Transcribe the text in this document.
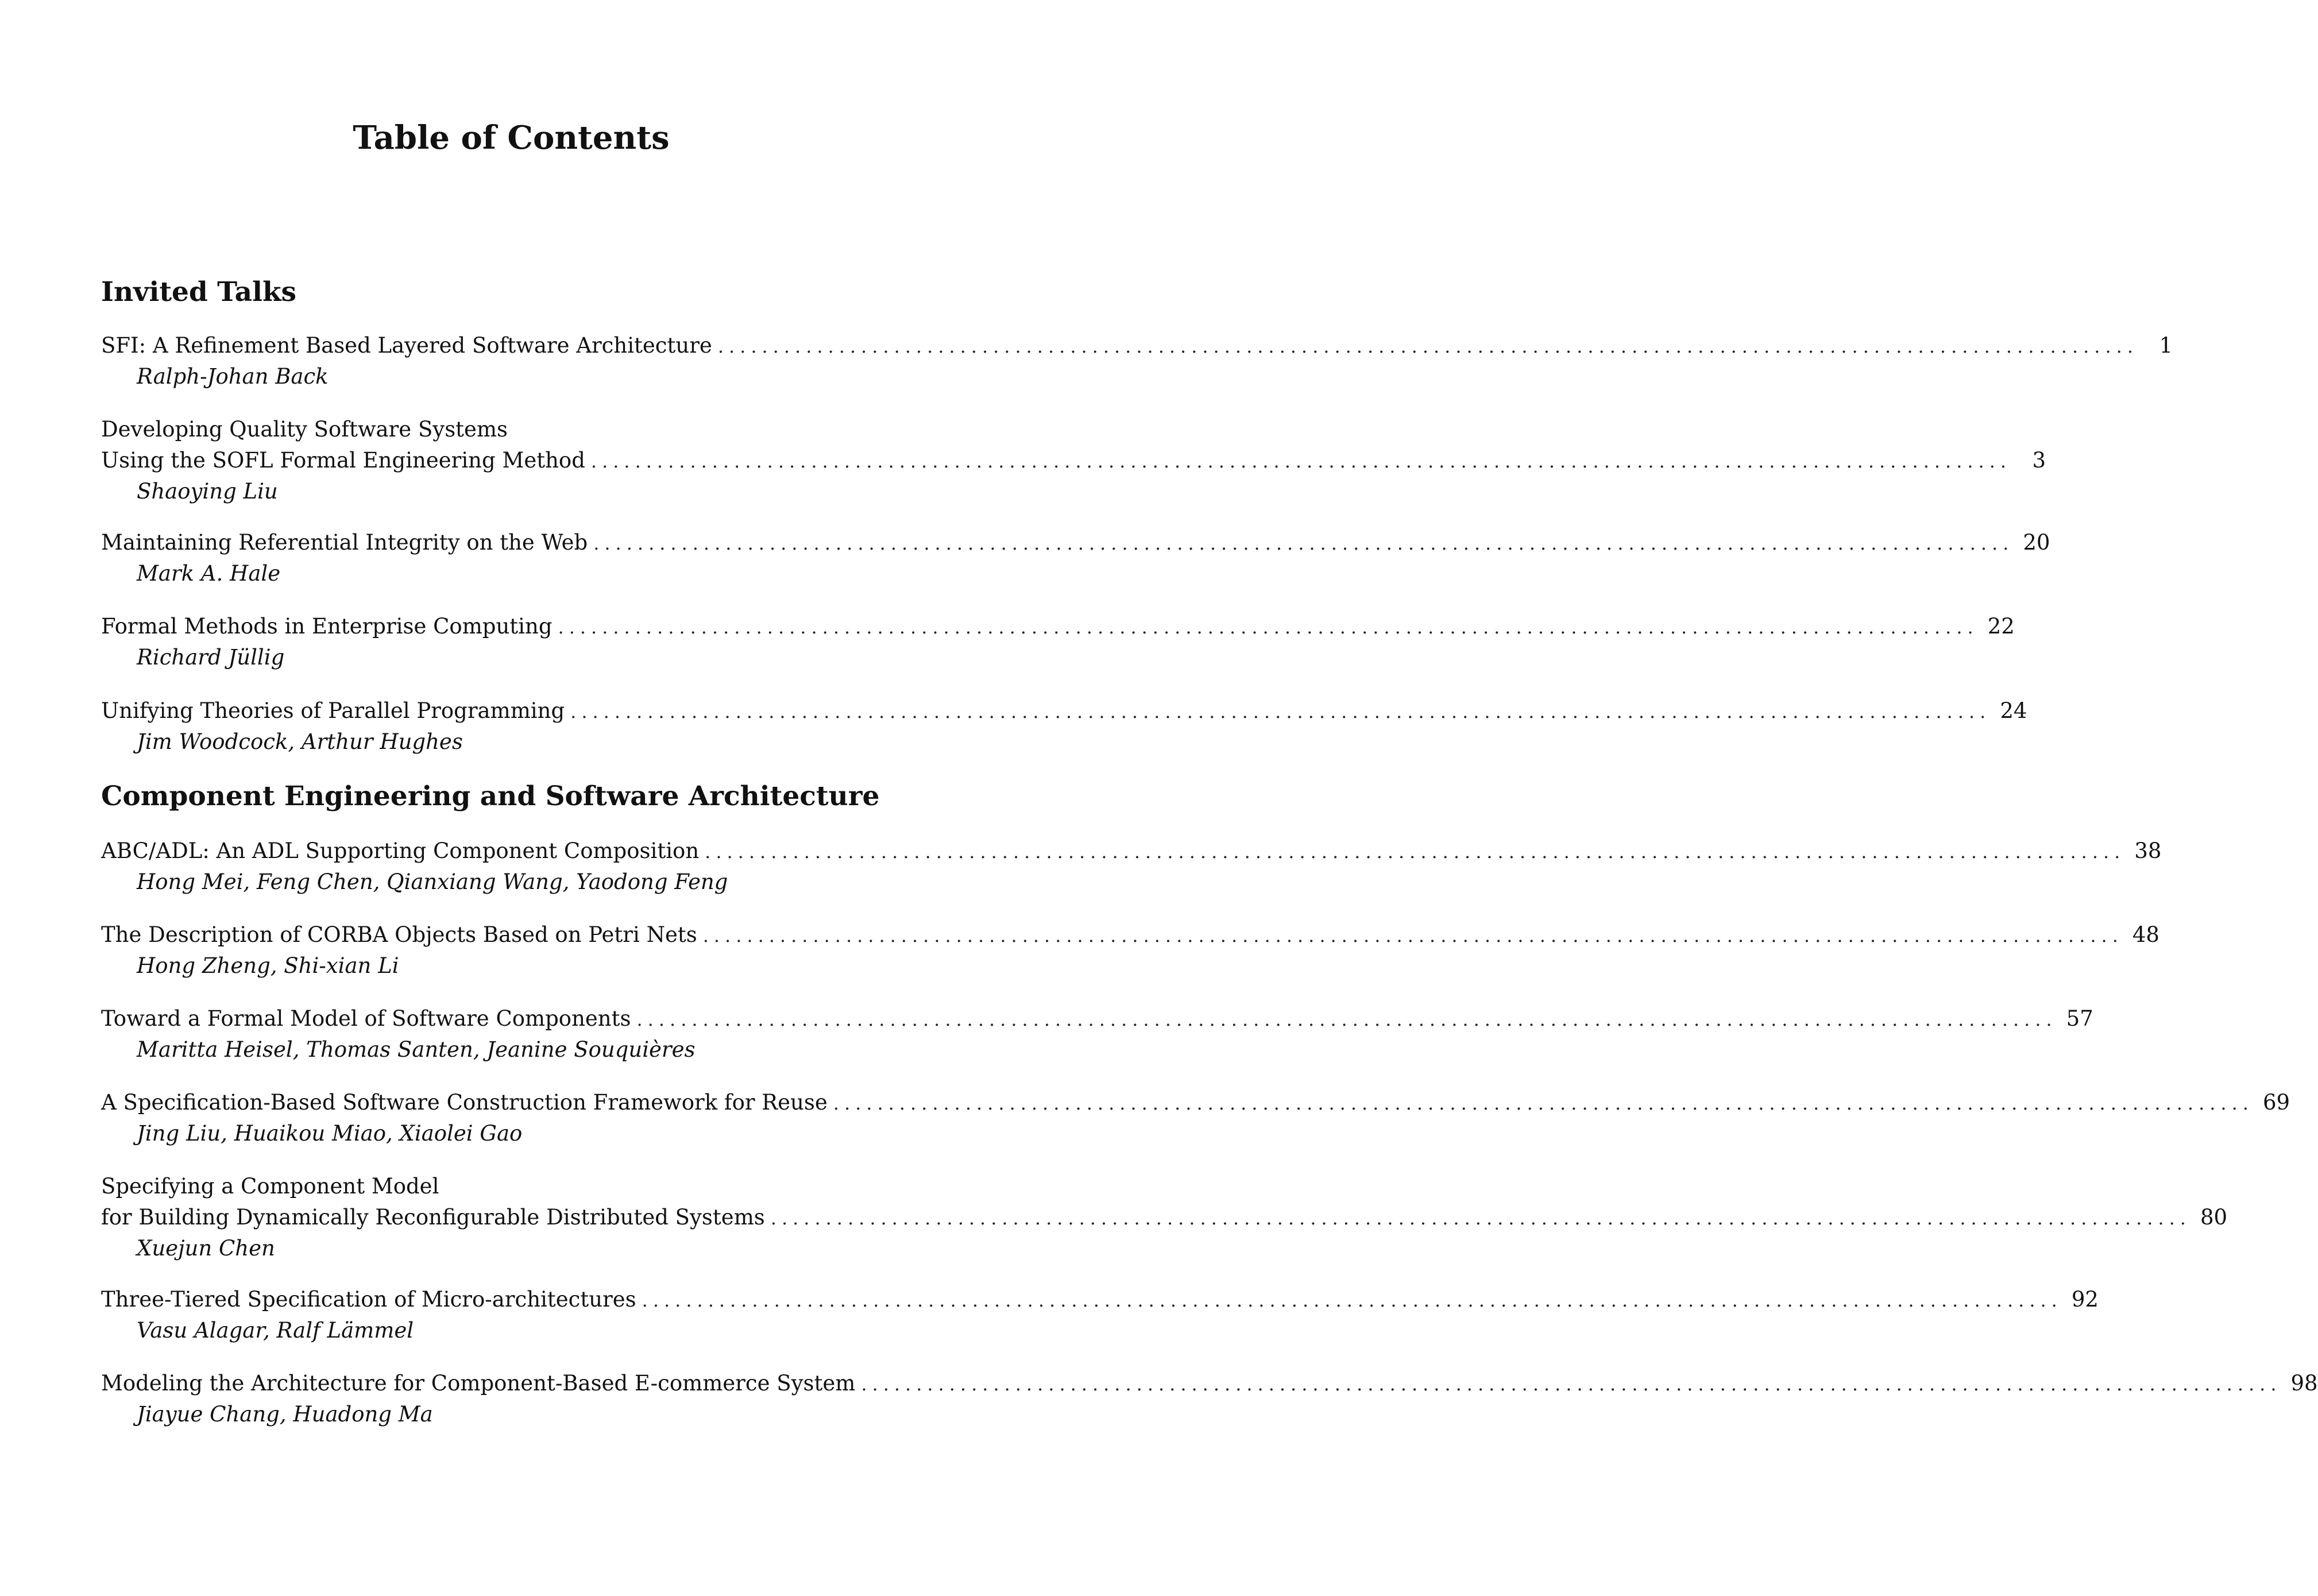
Table of Contents
Invited Talks
SFI: A Refinement Based Layered Software Architecture ................................................................................................................................. 1
Ralph-Johan Back
Developing Quality Software Systems
Using the SOFL Formal Engineering Method ................................................................................................................................. 3
Shaoying Liu
Maintaining Referential Integrity on the Web ................................................................................................................................. 20
Mark A. Hale
Formal Methods in Enterprise Computing ................................................................................................................................. 22
Richard Jüllig
Unifying Theories of Parallel Programming ................................................................................................................................. 24
Jim Woodcock, Arthur Hughes
Component Engineering and Software Architecture
ABC/ADL: An ADL Supporting Component Composition ................................................................................................................................. 38
Hong Mei, Feng Chen, Qianxiang Wang, Yaodong Feng
The Description of CORBA Objects Based on Petri Nets ................................................................................................................................. 48
Hong Zheng, Shi-xian Li
Toward a Formal Model of Software Components ................................................................................................................................. 57
Maritta Heisel, Thomas Santen, Jeanine Souquières
A Specification-Based Software Construction Framework for Reuse ................................................................................................................................. 69
Jing Liu, Huaikou Miao, Xiaolei Gao
Specifying a Component Model
for Building Dynamically Reconfigurable Distributed Systems ................................................................................................................................. 80
Xuejun Chen
Three-Tiered Specification of Micro-architectures ................................................................................................................................. 92
Vasu Alagar, Ralf Lämmel
Modeling the Architecture for Component-Based E-commerce System ................................................................................................................................. 98
Jiayue Chang, Huadong Ma
